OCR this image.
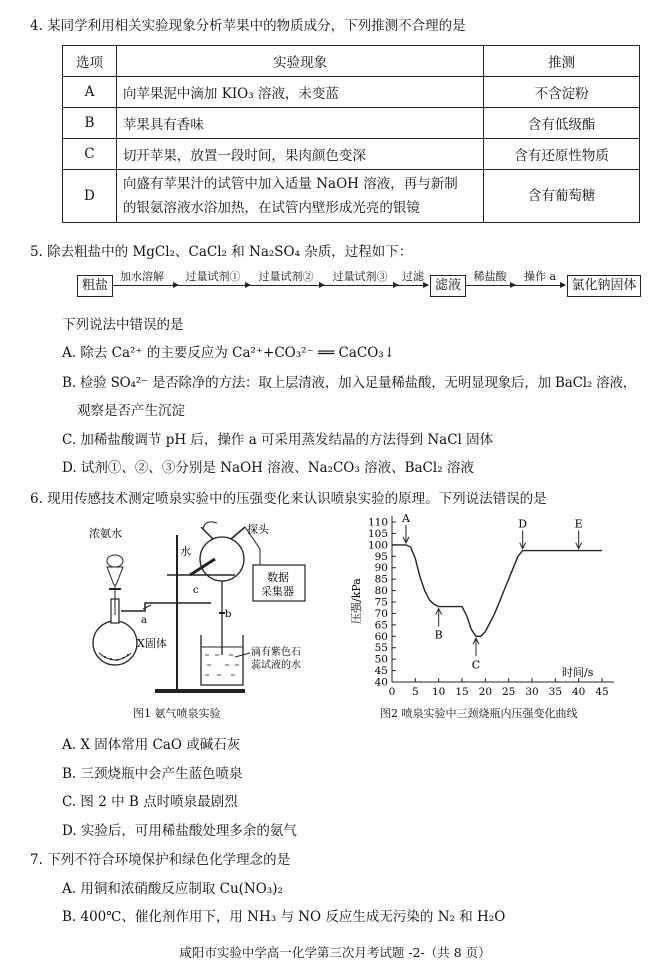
4. 某同学利用相关实验现象分析苹果中的物质成分，下列推测不合理的是
选项	实验现象	推测
A	向苹果泥中滴加 KIO₃ 溶液，未变蓝	不含淀粉
B	苹果具有香味	含有低级酯
C	切开苹果，放置一段时间，果肉颜色变深	含有还原性物质
D	向盛有苹果汁的试管中加入适量 NaOH 溶液，再与新制
的银氨溶液水浴加热，在试管内壁形成光亮的银镜	含有葡萄糖
5. 除去粗盐中的 MgCl₂、CaCl₂ 和 Na₂SO₄ 杂质，过程如下：
粗盐
加水溶解	过量试剂①	过量试剂②	过量试剂③	过滤
滤液
稀盐酸	操作 a
氯化钠固体
下列说法中错误的是
A. 除去 Ca²⁺ 的主要反应为 Ca²⁺+CO₃²⁻ ══ CaCO₃↓
B. 检验 SO₄²⁻ 是否除净的方法：取上层清液，加入足量稀盐酸，无明显现象后，加 BaCl₂ 溶液，
观察是否产生沉淀
C. 加稀盐酸调节 pH 后，操作 a 可采用蒸发结晶的方法得到 NaCl 固体
D. 试剂①、②、③分别是 NaOH 溶液、Na₂CO₃ 溶液、BaCl₂ 溶液
6. 现用传感技术测定喷泉实验中的压强变化来认识喷泉实验的原理。下列说法错误的是
浓氨水
水
探头
数据
采集器
a
b
c
X固体
滴有紫色石
蕊试液的水
图1 氨气喷泉实验
40
45
50
55
60
65
70
75
80
85
90
95
100
105
110
0 5 10 15 20 25 30 35 40 45
A
B
C
D	E
压强/kPa
时间/s
图2 喷泉实验中三颈烧瓶内压强变化曲线
A. X 固体常用 CaO 或碱石灰
B. 三颈烧瓶中会产生蓝色喷泉
C. 图 2 中 B 点时喷泉最剧烈
D. 实验后，可用稀盐酸处理多余的氨气
7. 下列不符合环境保护和绿色化学理念的是
A. 用铜和浓硝酸反应制取 Cu(NO₃)₂
B. 400℃、催化剂作用下，用 NH₃ 与 NO 反应生成无污染的 N₂ 和 H₂O
咸阳市实验中学高一化学第三次月考试题 -2-（共 8 页）
